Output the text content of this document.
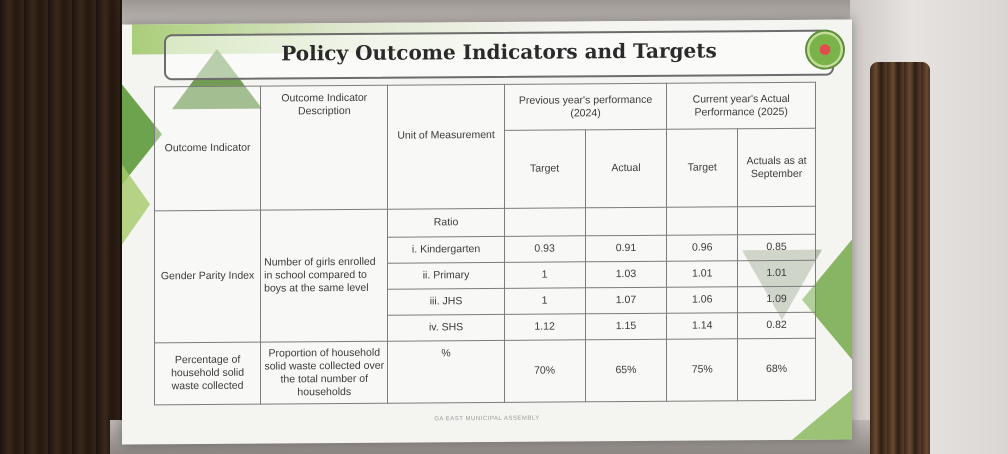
Policy Outcome Indicators and Targets
Outcome Indicator	Outcome Indicator Description	Unit of Measurement	Previous year's performance (2024)		Current year's Actual Performance (2025)	
			Target	Actual	Target	Actuals as at September
Gender Parity Index	Number of girls enrolled in school compared to boys at the same level	Ratio				
		i. Kindergarten	0.93	0.91	0.96	0.85
		ii. Primary	1	1.03	1.01	1.01
		iii. JHS	1	1.07	1.06	1.09
		iv. SHS	1.12	1.15	1.14	0.82
Percentage of household solid waste collected	Proportion of household solid waste collected over the total number of households	%	70%	65%	75%	68%
GA EAST MUNICIPAL ASSEMBLY
